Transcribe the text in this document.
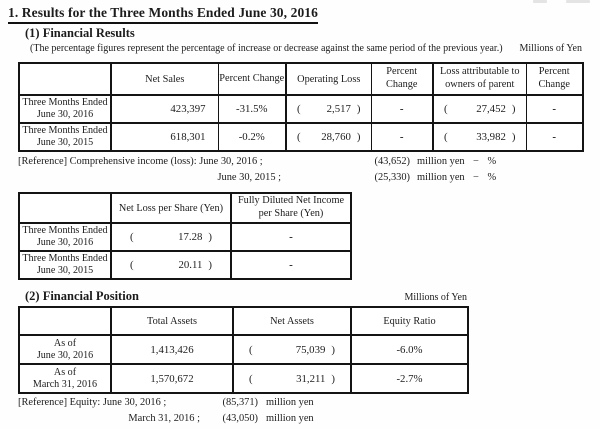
1. Results for the Three Months Ended June 30, 2016
(1) Financial Results
(The percentage figures represent the percentage of increase or decrease against the same period of the previous year.) Millions of Yen
	Net Sales	Percent Change	Operating Loss	Percent Change	Loss attributable to owners of parent	Percent Change

Three Months Ended
June 30, 2016	423,397	-31.5%	( 2,517 )	-	( 27,452 )	-

Three Months Ended
June 30, 2015	618,301	-0.2%	( 28,760 )	-	( 33,982 )	-
[Reference] Comprehensive income (loss): June 30, 2016 ;	(43,652) million yen − %
June 30, 2015 ;	(25,330) million yen − %
	Net Loss per Share (Yen)	Fully Diluted Net Income per Share (Yen)

Three Months Ended
June 30, 2016	( 17.28 )	-

Three Months Ended
June 30, 2015	( 20.11 )	-
(2) Financial Position	Millions of Yen
	Total Assets	Net Assets	Equity Ratio

As of
June 30, 2016	1,413,426	( 75,039 )	-6.0%

As of
March 31, 2016	1,570,672	( 31,211 )	-2.7%
[Reference] Equity: June 30, 2016 ;	(85,371) million yen
March 31, 2016 ;	(43,050) million yen
